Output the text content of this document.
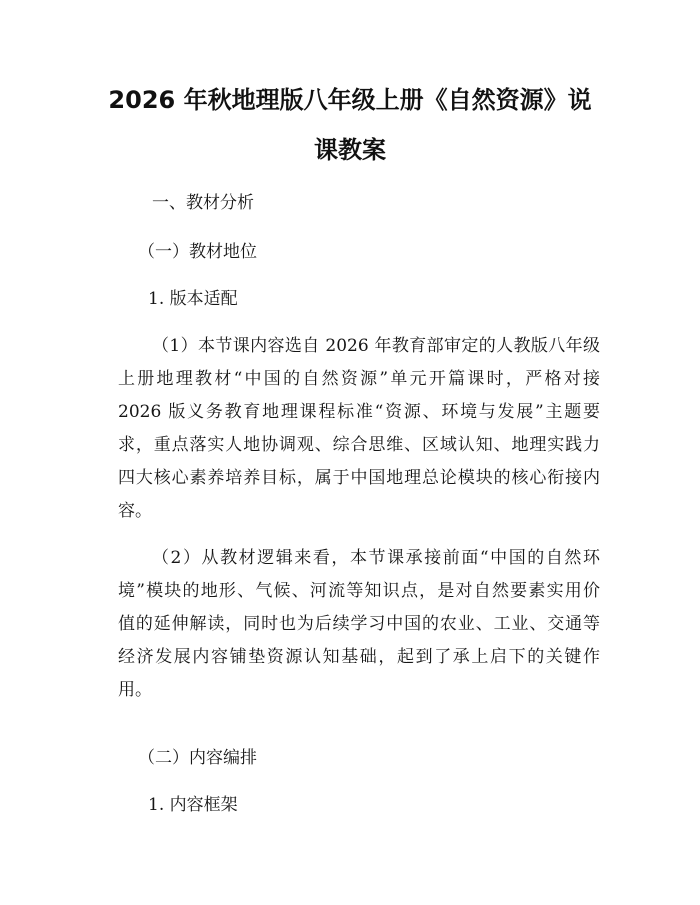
2026 年秋地理版八年级上册《自然资源》说
课教案
一、教材分析
（一）教材地位
1. 版本适配
（1）本节课内容选自 2026 年教育部审定的人教版八年级
上册地理教材“中国的自然资源”单元开篇课时，严格对接
2026 版义务教育地理课程标准“资源、环境与发展”主题要
求，重点落实人地协调观、综合思维、区域认知、地理实践力
四大核心素养培养目标，属于中国地理总论模块的核心衔接内
容。
（2）从教材逻辑来看，本节课承接前面“中国的自然环
境”模块的地形、气候、河流等知识点，是对自然要素实用价
值的延伸解读，同时也为后续学习中国的农业、工业、交通等
经济发展内容铺垫资源认知基础，起到了承上启下的关键作
用。
（二）内容编排
1. 内容框架
